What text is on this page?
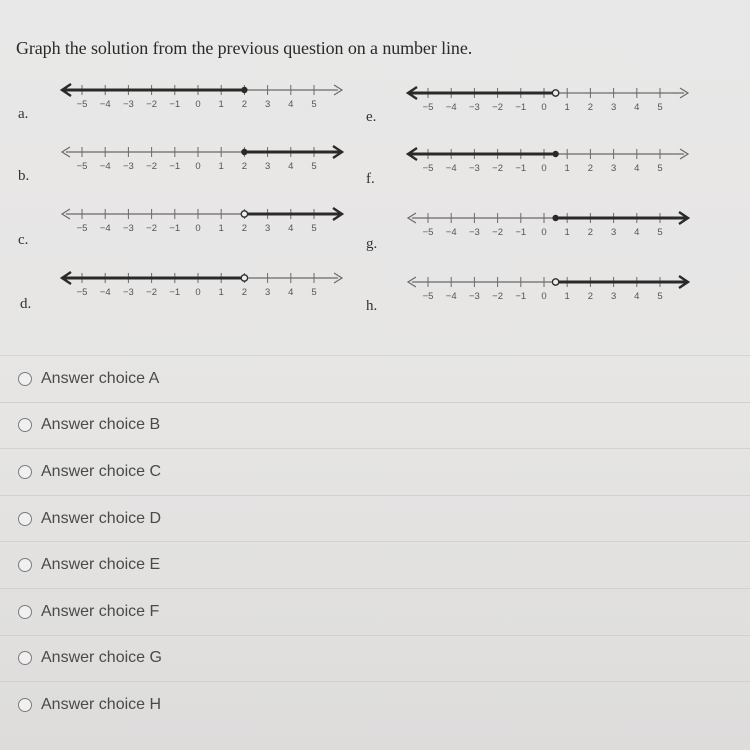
Graph the solution from the previous question on a number line.
a.
−5 −4 −3 −2 −1 0 1 2 3 4 5
b.
−5 −4 −3 −2 −1 0 1 2 3 4 5
c.
−5 −4 −3 −2 −1 0 1 2 3 4 5
d.
−5 −4 −3 −2 −1 0 1 2 3 4 5
e.
−5 −4 −3 −2 −1 0 1 2 3 4 5
f.
−5 −4 −3 −2 −1 0 1 2 3 4 5
g.
−5 −4 −3 −2 −1 0 1 2 3 4 5
h.
−5 −4 −3 −2 −1 0 1 2 3 4 5
Answer choice A
Answer choice B
Answer choice C
Answer choice D
Answer choice E
Answer choice F
Answer choice G
Answer choice H
